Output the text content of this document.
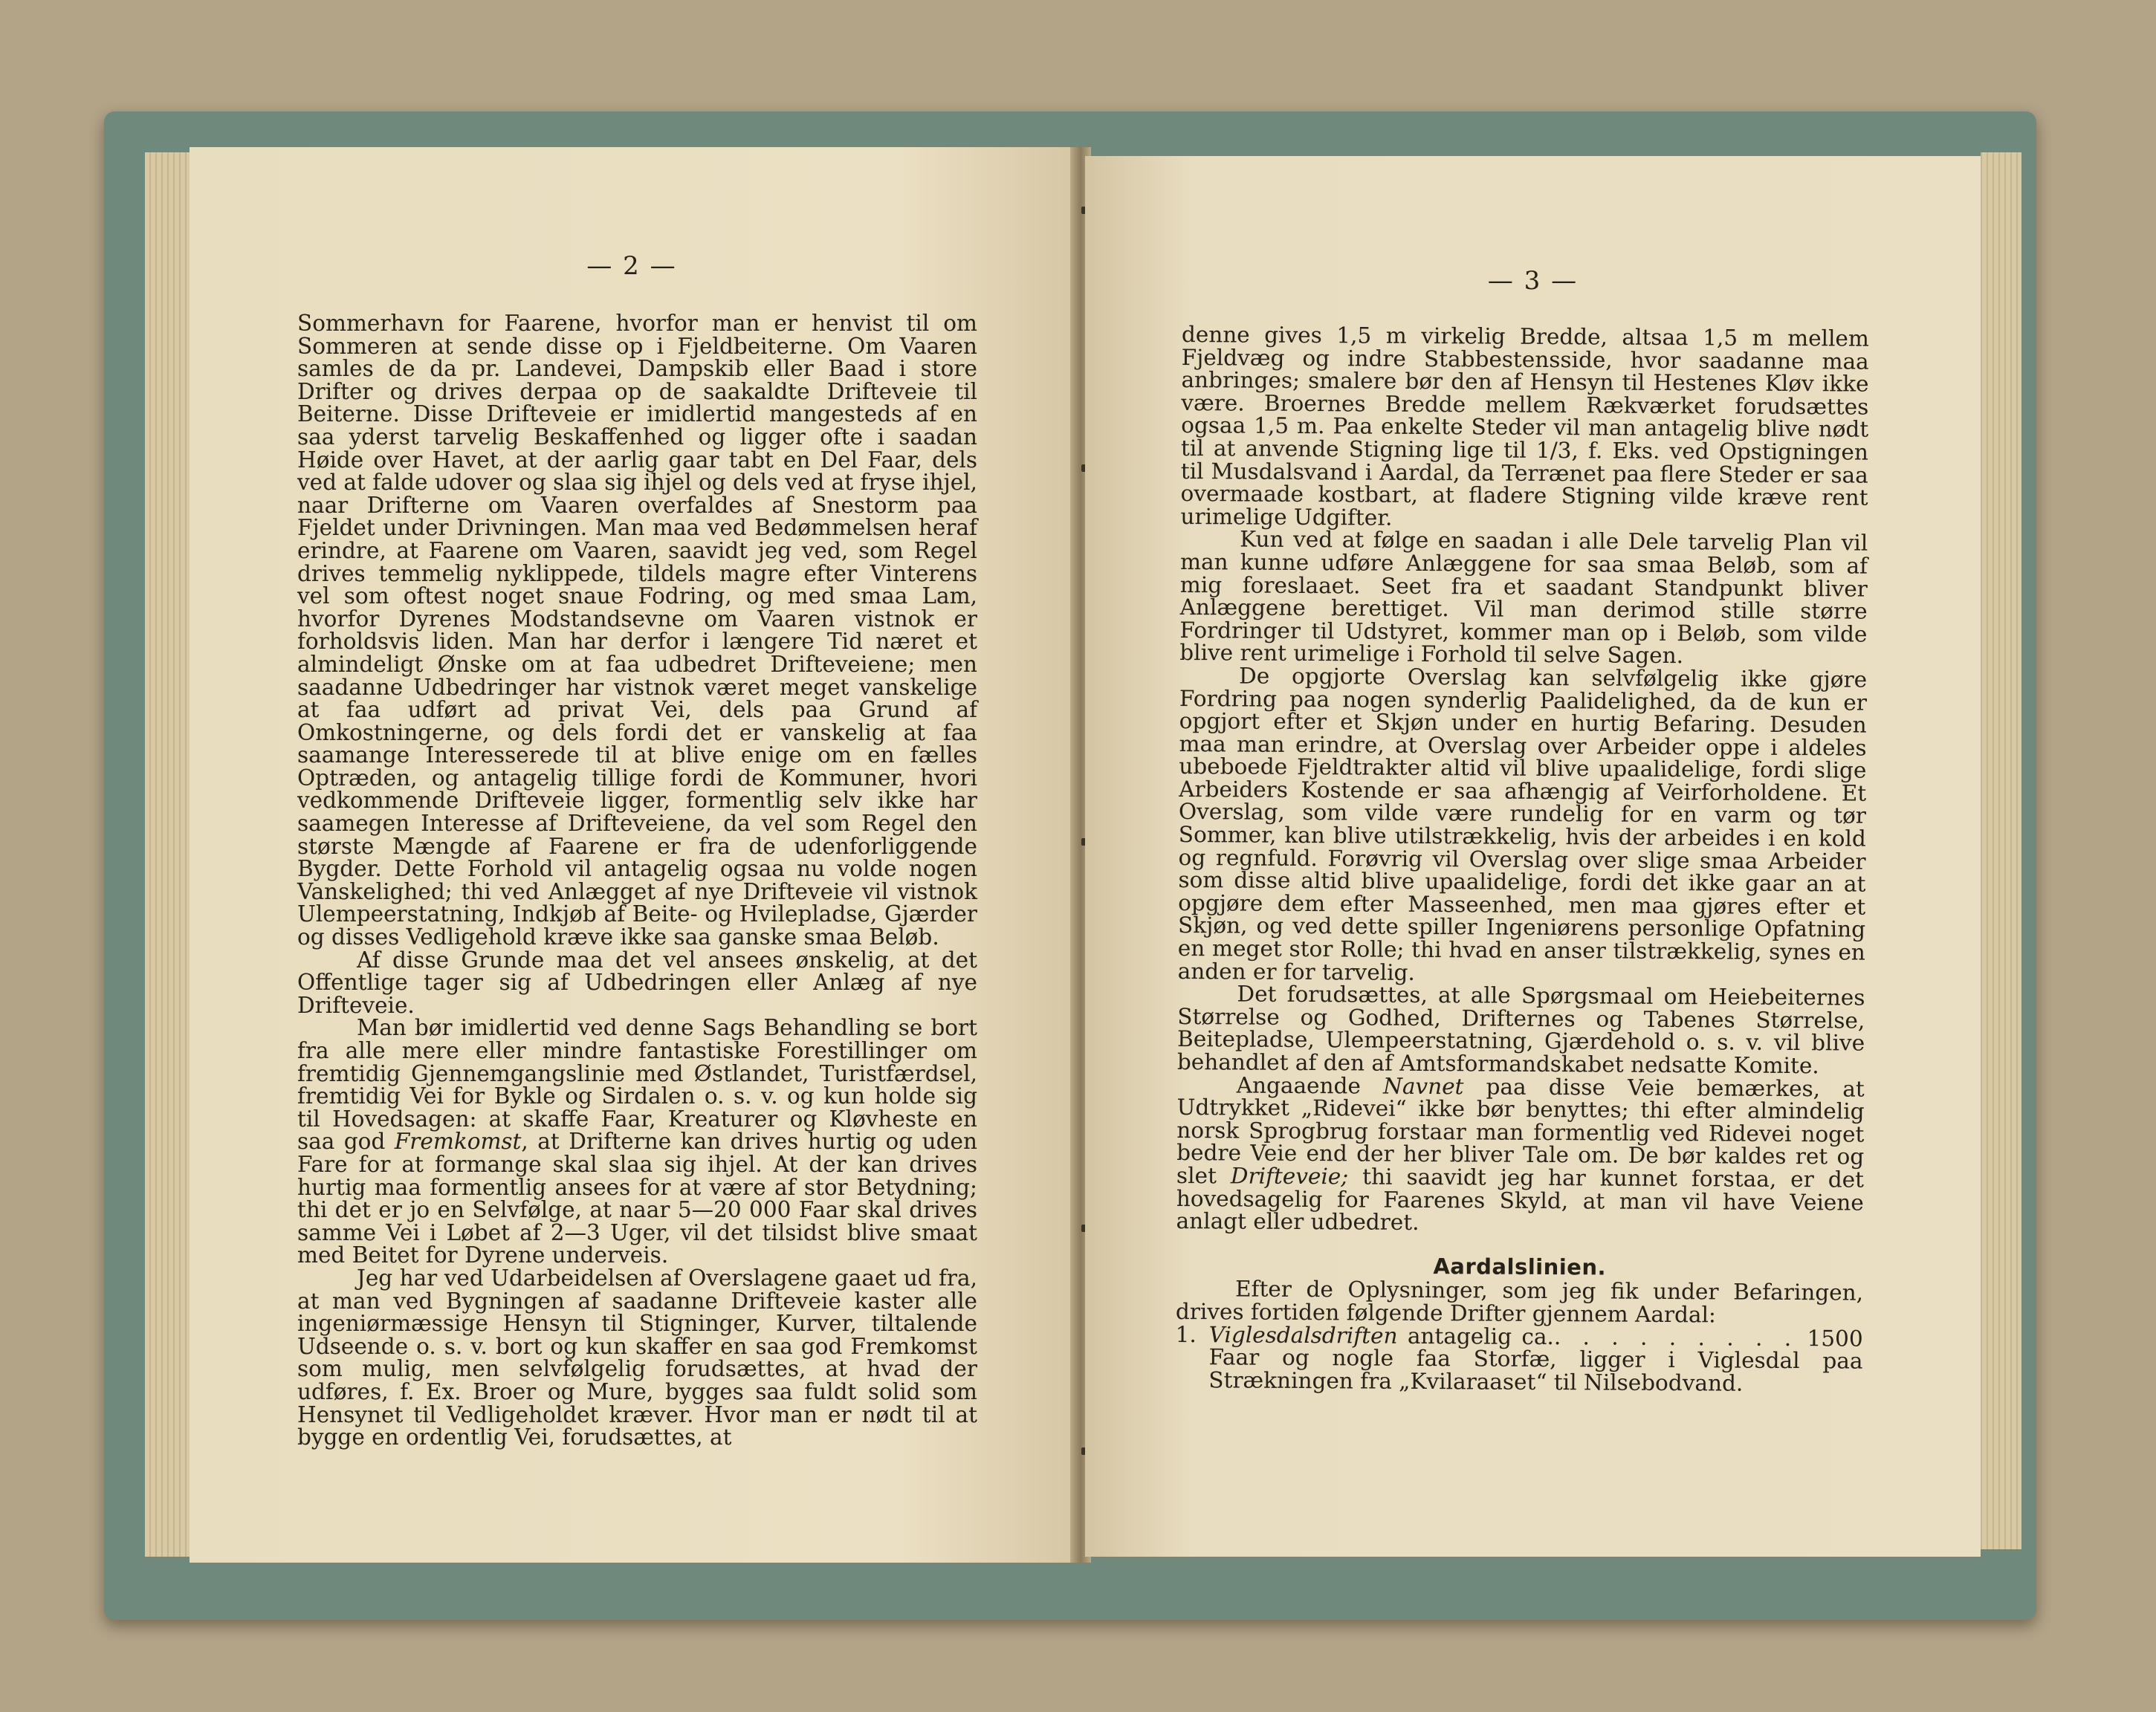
— 2 —

Sommerhavn for Faarene, hvorfor man er henvist til om Sommeren at sende disse op i Fjeldbeiterne. Om Vaaren samles de da pr. Landevei, Dampskib eller Baad i store Drifter og drives derpaa op de saakaldte Drifteveie til Beiterne. Disse Drifteveie er imidlertid mangesteds af en saa yderst tarvelig Beskaffenhed og ligger ofte i saadan Høide over Havet, at der aarlig gaar tabt en Del Faar, dels ved at falde udover og slaa sig ihjel og dels ved at fryse ihjel, naar Drifterne om Vaaren overfaldes af Snestorm paa Fjeldet under Drivningen. Man maa ved Bedømmelsen heraf erindre, at Faarene om Vaaren, saavidt jeg ved, som Regel drives temmelig nyklippede, tildels magre efter Vinterens vel som oftest noget snaue Fodring, og med smaa Lam, hvorfor Dyrenes Modstandsevne om Vaaren vistnok er forholdsvis liden. Man har derfor i længere Tid næret et almindeligt Ønske om at faa udbedret Drifteveiene; men saadanne Udbedringer har vistnok været meget vanskelige at faa udført ad privat Vei, dels paa Grund af Omkostningerne, og dels fordi det er vanskelig at faa saamange Interesserede til at blive enige om en fælles Optræden, og antagelig tillige fordi de Kommuner, hvori vedkommende Drifteveie ligger, formentlig selv ikke har saamegen Interesse af Drifteveiene, da vel som Regel den største Mængde af Faarene er fra de udenforliggende Bygder. Dette Forhold vil antagelig ogsaa nu volde nogen Vanskelighed; thi ved Anlægget af nye Drifteveie vil vistnok Ulempeerstatning, Indkjøb af Beite- og Hvilepladse, Gjærder og disses Vedligehold kræve ikke saa ganske smaa Beløb.

Af disse Grunde maa det vel ansees ønskelig, at det Offentlige tager sig af Udbedringen eller Anlæg af nye Drifteveie.

Man bør imidlertid ved denne Sags Behandling se bort fra alle mere eller mindre fantastiske Forestillinger om fremtidig Gjennemgangslinie med Østlandet, Turistfærdsel, fremtidig Vei for Bykle og Sirdalen o. s. v. og kun holde sig til Hovedsagen: at skaffe Faar, Kreaturer og Kløvheste en saa god Fremkomst, at Drifterne kan drives hurtig og uden Fare for at formange skal slaa sig ihjel. At der kan drives hurtig maa formentlig ansees for at være af stor Betydning; thi det er jo en Selvfølge, at naar 5—20 000 Faar skal drives samme Vei i Løbet af 2—3 Uger, vil det tilsidst blive smaat med Beitet for Dyrene underveis.

Jeg har ved Udarbeidelsen af Overslagene gaaet ud fra, at man ved Bygningen af saadanne Drifteveie kaster alle ingeniørmæssige Hensyn til Stigninger, Kurver, tiltalende Udseende o. s. v. bort og kun skaffer en saa god Fremkomst som mulig, men selvfølgelig forudsættes, at hvad der udføres, f. Ex. Broer og Mure, bygges saa fuldt solid som Hensynet til Vedligeholdet kræver. Hvor man er nødt til at bygge en ordentlig Vei, forudsættes, at

— 3 —

denne gives 1,5 m virkelig Bredde, altsaa 1,5 m mellem Fjeldvæg og indre Stabbestensside, hvor saadanne maa anbringes; smalere bør den af Hensyn til Hestenes Kløv ikke være. Broernes Bredde mellem Rækværket forudsættes ogsaa 1,5 m. Paa enkelte Steder vil man antagelig blive nødt til at anvende Stigning lige til 1/3, f. Eks. ved Opstigningen til Musdalsvand i Aardal, da Terrænet paa flere Steder er saa overmaade kostbart, at fladere Stigning vilde kræve rent urimelige Udgifter.

Kun ved at følge en saadan i alle Dele tarvelig Plan vil man kunne udføre Anlæggene for saa smaa Beløb, som af mig foreslaaet. Seet fra et saadant Standpunkt bliver Anlæggene berettiget. Vil man derimod stille større Fordringer til Udstyret, kommer man op i Beløb, som vilde blive rent urimelige i Forhold til selve Sagen.

De opgjorte Overslag kan selvfølgelig ikke gjøre Fordring paa nogen synderlig Paalidelighed, da de kun er opgjort efter et Skjøn under en hurtig Befaring. Desuden maa man erindre, at Overslag over Arbeider oppe i aldeles ubeboede Fjeldtrakter altid vil blive upaalidelige, fordi slige Arbeiders Kostende er saa afhængig af Veirforholdene. Et Overslag, som vilde være rundelig for en varm og tør Sommer, kan blive utilstrækkelig, hvis der arbeides i en kold og regnfuld. Forøvrig vil Overslag over slige smaa Arbeider som disse altid blive upaalidelige, fordi det ikke gaar an at opgjøre dem efter Masseenhed, men maa gjøres efter et Skjøn, og ved dette spiller Ingeniørens personlige Opfatning en meget stor Rolle; thi hvad en anser tilstrækkelig, synes en anden er for tarvelig.

Det forudsættes, at alle Spørgsmaal om Heiebeiternes Størrelse og Godhed, Drifternes og Tabenes Størrelse, Beitepladse, Ulempeerstatning, Gjærdehold o. s. v. vil blive behandlet af den af Amtsformandskabet nedsatte Komite.

Angaaende Navnet paa disse Veie bemærkes, at Udtrykket „Ridevei“ ikke bør benyttes; thi efter almindelig norsk Sprogbrug forstaar man formentlig ved Ridevei noget bedre Veie end der her bliver Tale om. De bør kaldes ret og slet Drifteveie; thi saavidt jeg har kunnet forstaa, er det hovedsagelig for Faarenes Skyld, at man vil have Veiene anlagt eller udbedret.

Aardalslinien.

Efter de Oplysninger, som jeg fik under Befaringen, drives fortiden følgende Drifter gjennem Aardal:

1. Viglesdalsdriften antagelig ca.. . . . . . . . . 1500 Faar og nogle faa Storfæ, ligger i Viglesdal paa Strækningen fra „Kvilaraaset“ til Nilsebodvand.
